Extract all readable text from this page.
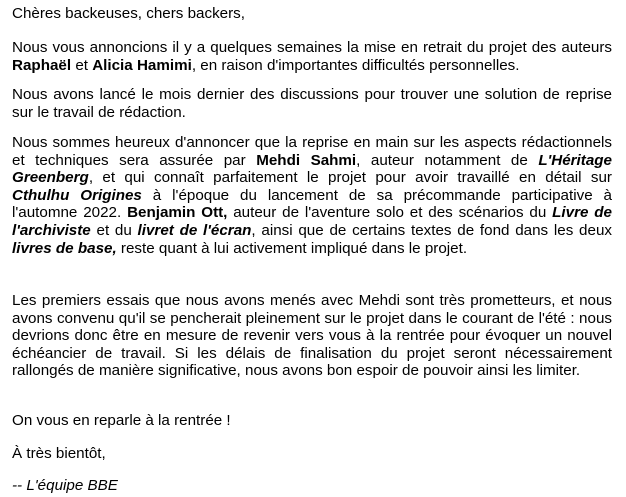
Chères backeuses, chers backers,

Nous vous annoncions il y a quelques semaines la mise en retrait du projet des auteurs Raphaël et Alicia Hamimi, en raison d'importantes difficultés personnelles.

Nous avons lancé le mois dernier des discussions pour trouver une solution de reprise sur le travail de rédaction.

Nous sommes heureux d'annoncer que la reprise en main sur les aspects rédactionnels et techniques sera assurée par Mehdi Sahmi, auteur notamment de L'Héritage Greenberg, et qui connaît parfaitement le projet pour avoir travaillé en détail sur Cthulhu Origines à l'époque du lancement de sa précommande participative à l'automne 2022. Benjamin Ott, auteur de l'aventure solo et des scénarios du Livre de l'archiviste et du livret de l'écran, ainsi que de certains textes de fond dans les deux livres de base, reste quant à lui activement impliqué dans le projet.

Les premiers essais que nous avons menés avec Mehdi sont très prometteurs, et nous avons convenu qu'il se pencherait pleinement sur le projet dans le courant de l'été : nous devrions donc être en mesure de revenir vers vous à la rentrée pour évoquer un nouvel échéancier de travail. Si les délais de finalisation du projet seront nécessairement rallongés de manière significative, nous avons bon espoir de pouvoir ainsi les limiter.

On vous en reparle à la rentrée !

À très bientôt,

-- L'équipe BBE
